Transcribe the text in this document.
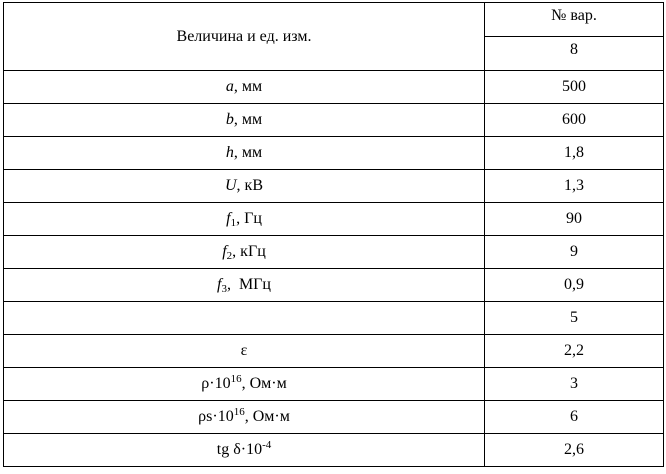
Величина и ед. изм.	№ вар.
	8
a, мм	500
b, мм	600
h, мм	1,8
U, кВ	1,3
$f_1$, Гц	90
$f_2$, кГц	9
$f_3$,  МГц	0,9
	5
ε	2,2
$\rho\cdot 10^{16}$, Ом·м	3
$\rho s\cdot 10^{16}$, Ом·м	6
tg $\delta\cdot 10^{-4}$	2,6
